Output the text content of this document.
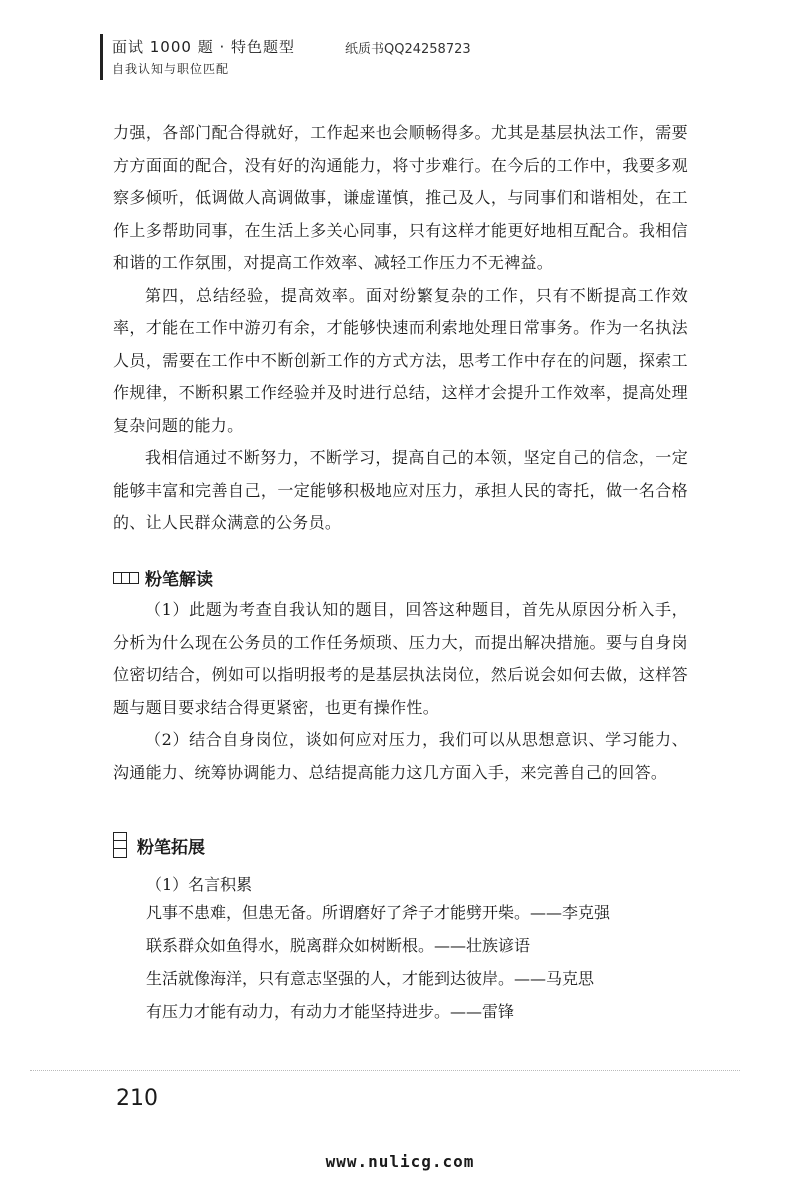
面试 1000 题 · 特色题型
自我认知与职位匹配
纸质书QQ24258723

力强，各部门配合得就好，工作起来也会顺畅得多。尤其是基层执法工作，需要方方面面的配合，没有好的沟通能力，将寸步难行。在今后的工作中，我要多观察多倾听，低调做人高调做事，谦虚谨慎，推己及人，与同事们和谐相处，在工作上多帮助同事，在生活上多关心同事，只有这样才能更好地相互配合。我相信和谐的工作氛围，对提高工作效率、减轻工作压力不无裨益。

第四，总结经验，提高效率。面对纷繁复杂的工作，只有不断提高工作效率，才能在工作中游刃有余，才能够快速而利索地处理日常事务。作为一名执法人员，需要在工作中不断创新工作的方式方法，思考工作中存在的问题，探索工作规律，不断积累工作经验并及时进行总结，这样才会提升工作效率，提高处理复杂问题的能力。

我相信通过不断努力，不断学习，提高自己的本领，坚定自己的信念，一定能够丰富和完善自己，一定能够积极地应对压力，承担人民的寄托，做一名合格的、让人民群众满意的公务员。

粉笔解读

（1）此题为考查自我认知的题目，回答这种题目，首先从原因分析入手，分析为什么现在公务员的工作任务烦琐、压力大，而提出解决措施。要与自身岗位密切结合，例如可以指明报考的是基层执法岗位，然后说会如何去做，这样答题与题目要求结合得更紧密，也更有操作性。

（2）结合自身岗位，谈如何应对压力，我们可以从思想意识、学习能力、沟通能力、统筹协调能力、总结提高能力这几方面入手，来完善自己的回答。

粉笔拓展
（1）名言积累
凡事不患难，但患无备。所谓磨好了斧子才能劈开柴。——李克强
联系群众如鱼得水，脱离群众如树断根。——壮族谚语
生活就像海洋，只有意志坚强的人，才能到达彼岸。——马克思
有压力才能有动力，有动力才能坚持进步。——雷锋
210
www.nulicg.com
